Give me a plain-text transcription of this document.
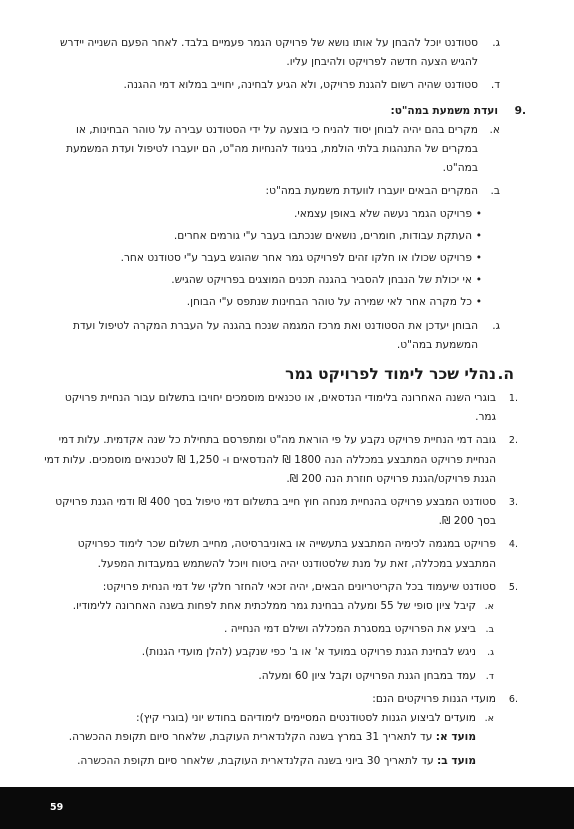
ג.
סטודנט יוכל להבחן על אותו נושא של פרויקט הגמר פעמיים בלבד. לאחר הפעם השנייה יידרש להגיש הצעה חדשה לפרויקט ולהיבחן עליו.
ד.
סטודנט שהיה רשום להגנת פרויקט, ולא הגיע לבחינה, יחוייב במלוא דמי ההגנה.
.9
ועדת משמעת במה"ט:
א.
מקרים בהם יהיה לבוחן יסוד להניח כי בוצעה על ידי הסטודנט עבירה על טוהר הבחינות, או במקרים של התנהגות בלתי הולמת, בניגוד להנחיות מה"ט, הם יועברו לטיפול ועדת המשמעת במה"ט.
ב.
המקרים הבאים יועברו לוועדת משמעת במה"ט:
• פרויקט הגמר נעשה שלא באופן עצמאי.
• העתקת עבודות, חומרים, נושאים שנכתבו בעבר ע"י גורמים אחרים.
• פרויקט שכולו או חלקו זהים לפרויקט גמר אחר שהוגש בעבר ע"י סטודנט אחר.
• אי יכולת של הנבחן להסביר בהגנה תכנים המוצגים בפרויקט שהגיש.
• כל מקרה אחר לאי שמירה על טוהר הבחינות שנתפס ע"י הבוחן.
ג.
הבוחן יעדכן את הסטודנט ואת מרכז המגמה שנכח בהגנה על העברת המקרה לטיפול ועדת המשמעת במה"ט.
ה.
נהלי שכר לימוד לפרויקט גמר
.1
בוגרי השנה האחרונה בלימודי הנדסאים, או טכנאים מוסמכים יחויבו בתשלום עבור הנחיית פרויקט גמר.
.2
גובה דמי הנחיית פרויקט נקבע על פי הוראת מה"ט ומתפרסם בתחילת כל שנה אקדמית. עלות דמי הנחיית פרויקט המתבצע במכללה הנה 1800 ₪ להנדסאים ו- 1,250 ₪ לטכנאים מוסמכים. עלות דמי הגנת פרויקט/הגנת פרויקט חוזרת הנה 200 ₪.
.3
סטודנט המבצע פרויקט בהנחיית מנחה חוץ חייב בתשלום דמי טיפול בסך 400 ₪ ודמי הגנת פרויקט בסך 200 ₪.
.4
פרויקט במגמה לכימיה המתבצע בתעשייה או באוניברסיטה, מחייב תשלום שכר לימוד כפרויקט המתבצע במכללה, זאת על מנת שלסטודנט יהיה ביטוח ויוכל להשתמש במעבדות המפעל.
.5
סטודנט שיעמוד בכל הקריטריונים הבאים, יהיה זכאי להחזר חלקי של דמי הנחית פרויקט:
א.
קיבל ציון סופי של 55 ומעלה בבחינת גמר ממלכתית אחת לפחות בשנה האחרונה ללימודיו.
ב.
ביצע את הפרויקט במסגרת המכללה ושילם דמי הנחייה .
ג.
ניגש לבחינת הגנת פרויקט במועד א' או ב' כפי שנקבע (להלן מועדי הגנות).
ד.
עמד במבחן הגנת הפרויקט וקבל ציון 60 ומעלה.
.6
מועדי הגנות פרויקטים הנם:
א.
מועדים לביצוע הגנות לסטודנטים המסיימים לימודיהם בחודש יוני (בוגרי קיץ):
מועד א: עד לתאריך 31 במרץ בשנה הקלנדארית העוקבת, שלאחר סיום תקופת ההכשרה.
מועד ב: עד לתאריך 30 ביוני בשנה הקלנדארית העוקבת, שלאחר סיום תקופת ההכשרה.
59
